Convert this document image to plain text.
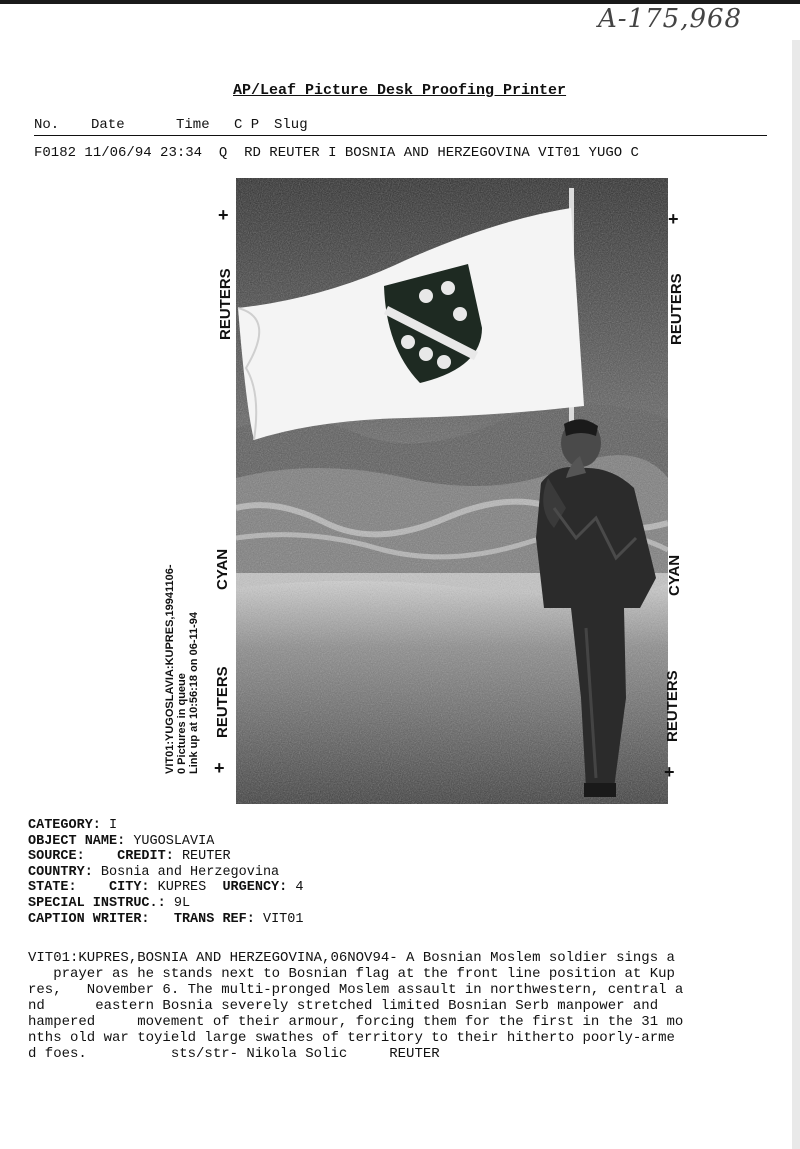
A-175,968
AP/Leaf Picture Desk Proofing Printer
No. Date	Time C P Slug
F0182 11/06/94 23:34 Q RD REUTER I BOSNIA AND HERZEGOVINA VIT01 YUGO C
+	+
+	+
REUTERS	REUTERS
REUTERS	REUTERS
CYAN	CYAN
VIT01:YUGOSLAVIA:KUPRES,19941106- 0 Pictures in queue Link up at 10:56:18 on 06-11-94
CATEGORY: I
OBJECT NAME: YUGOSLAVIA
SOURCE: CREDIT: REUTER
COUNTRY: Bosnia and Herzegovina
STATE: CITY: KUPRES URGENCY: 4
SPECIAL INSTRUC.: 9L
CAPTION WRITER: TRANS REF: VIT01
VIT01:KUPRES,BOSNIA AND HERZEGOVINA,06NOV94- A Bosnian Moslem soldier sings a
prayer as he stands next to Bosnian flag at the front line position at Kup
res,   November 6. The multi-pronged Moslem assault in northwestern, central a
nd      eastern Bosnia severely stretched limited Bosnian Serb manpower and
hampered     movement of their armour, forcing them for the first in the 31 mo
nths old war toyield large swathes of territory to their hitherto poorly-arme
d foes.          sts/str- Nikola Solic     REUTER
